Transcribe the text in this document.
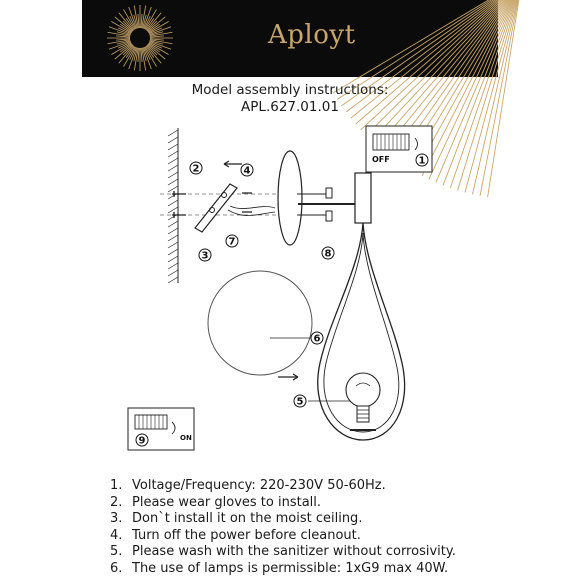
Aployt
Model assembly instructions:
APL.627.01.01
1
2
3
4
5
6
7
8
9
OFF
ON
1. Voltage/Frequency: 220-230V 50-60Hz.
2. Please wear gloves to install.
3. Don`t install it on the moist ceiling.
4. Turn off the power before cleanout.
5. Please wash with the sanitizer without corrosivity.
6. The use of lamps is permissible: 1xG9 max 40W.
